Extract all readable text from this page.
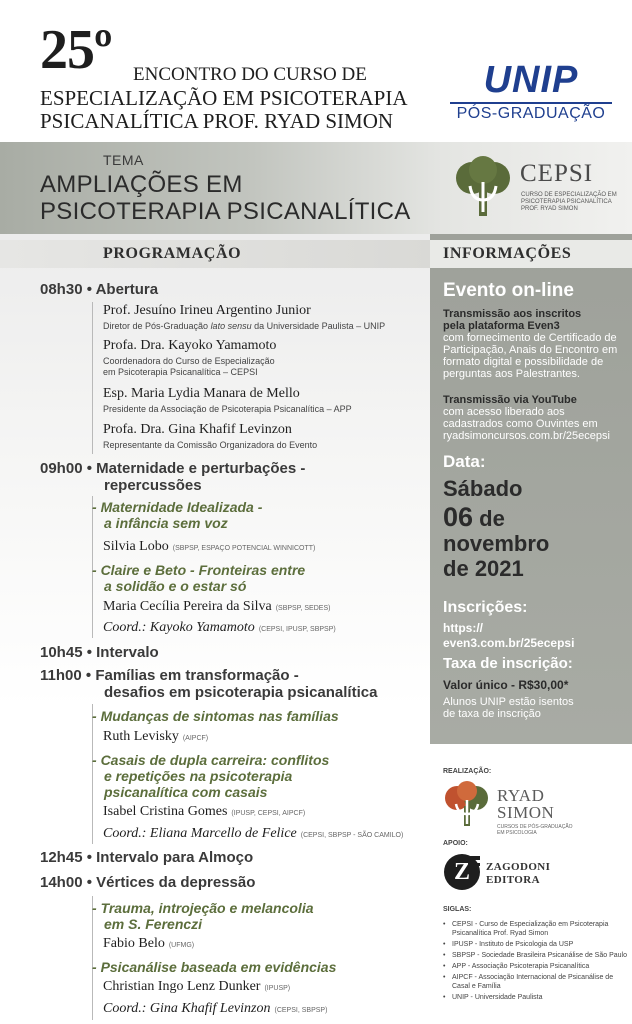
25º ENCONTRO DO CURSO DE
ESPECIALIZAÇÃO EM PSICOTERAPIA
PSICANALÍTICA PROF. RYAD SIMON
UNIP
PÓS-GRADUAÇÃO
TEMA
AMPLIAÇÕES EM
PSICOTERAPIA PSICANALÍTICA
CEPSI
CURSO DE ESPECIALIZAÇÃO EM
PSICOTERAPIA PSICANALÍTICA
PROF. RYAD SIMON
PROGRAMAÇÃO
08h30 • Abertura
Prof. Jesuíno Irineu Argentino Junior
Diretor de Pós-Graduação lato sensu da Universidade Paulista – UNIP
Profa. Dra. Kayoko Yamamoto
Coordenadora do Curso de Especialização
em Psicoterapia Psicanalítica – CEPSI
Esp. Maria Lydia Manara de Mello
Presidente da Associação de Psicoterapia Psicanalítica – APP
Profa. Dra. Gina Khafif Levinzon
Representante da Comissão Organizadora do Evento
09h00 • Maternidade e perturbações -
repercussões
- Maternidade Idealizada -
a infância sem voz
Silvia Lobo (SBPSP, ESPAÇO POTENCIAL WINNICOTT)
- Claire e Beto - Fronteiras entre
a solidão e o estar só
Maria Cecília Pereira da Silva (SBPSP, SEDES)
Coord.: Kayoko Yamamoto (CEPSI, IPUSP, SBPSP)
10h45 • Intervalo
11h00 • Famílias em transformação -
desafios em psicoterapia psicanalítica
- Mudanças de sintomas nas famílias
Ruth Levisky (AIPCF)
- Casais de dupla carreira: conflitos
e repetições na psicoterapia
psicanalítica com casais
Isabel Cristina Gomes (IPUSP, CEPSI, AIPCF)
Coord.: Eliana Marcello de Felice (CEPSI, SBPSP - SÃO CAMILO)
12h45 • Intervalo para Almoço
14h00 • Vértices da depressão
- Trauma, introjeção e melancolia
em S. Ferenczi
Fabio Belo (UFMG)
- Psicanálise baseada em evidências
Christian Ingo Lenz Dunker (IPUSP)
Coord.: Gina Khafif Levinzon (CEPSI, SBPSP)
INFORMAÇÕES
Evento on-line
Transmissão aos inscritos
pela plataforma Even3
com fornecimento de Certificado de
Participação, Anais do Encontro em
formato digital e possibilidade de
perguntas aos Palestrantes.
Transmissão via YouTube
com acesso liberado aos
cadastrados como Ouvintes em
ryadsimoncursos.com.br/25ecepsi
Data:
Sábado
06 de
novembro
de 2021
Inscrições:
https://
even3.com.br/25ecepsi
Taxa de inscrição:
Valor único - R$30,00*
Alunos UNIP estão isentos
de taxa de inscrição
REALIZAÇÃO:
RYAD
SIMON
CURSOS DE PÓS-GRADUAÇÃO
EM PSICOLOGIA
APOIO:
Z	ZAGODONI
EDITORA
SIGLAS:
• CEPSI - Curso de Especialização em Psicoterapia Psicanalítica Prof. Ryad Simon
• IPUSP - Instituto de Psicologia da USP
• SBPSP - Sociedade Brasileira Psicanálise de São Paulo
• APP - Associação Psicoterapia Psicanalítica
• AIPCF - Associação Internacional de Psicanálise de Casal e Família
• UNIP - Universidade Paulista
